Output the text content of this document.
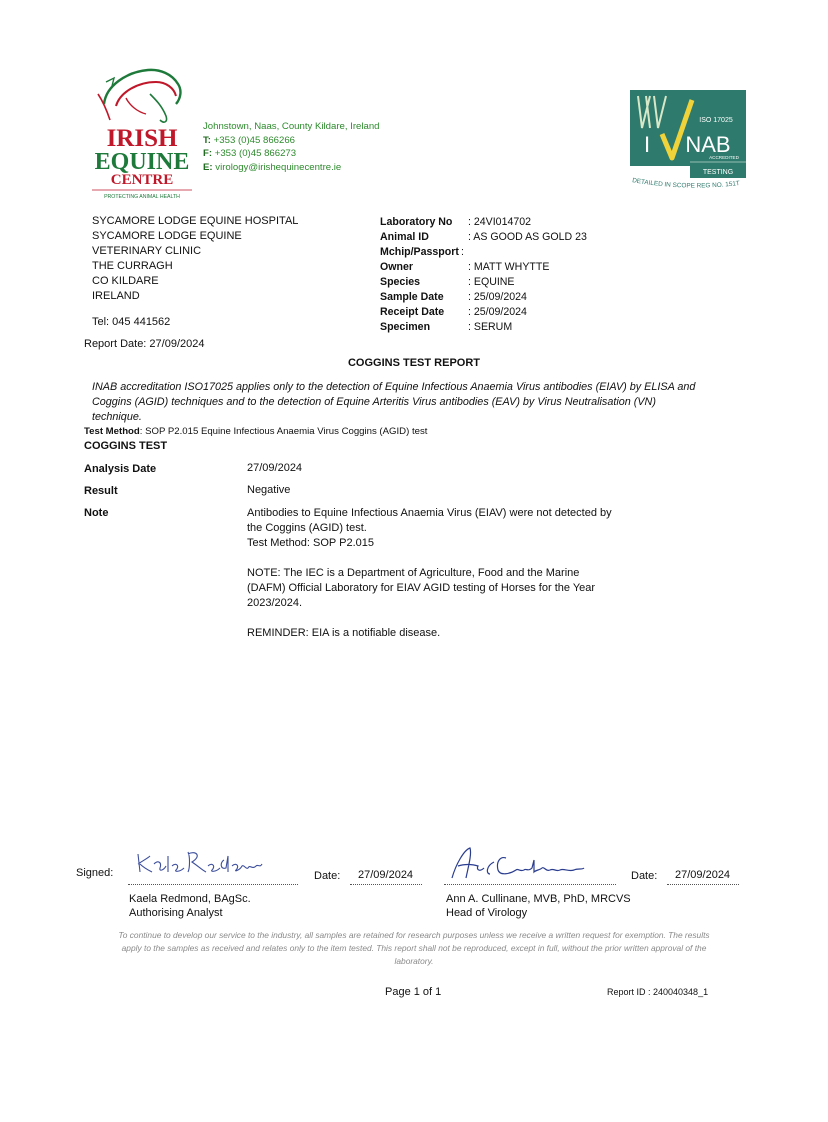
IRISH
EQUINE
CENTRE
PROTECTING ANIMAL HEALTH
Johnstown, Naas, County Kildare, Ireland
T: +353 (0)45 866266
F: +353 (0)45 866273
E: virology@irishequinecentre.ie
ISO 17025
I NAB
ACCREDITED
TESTING
DETAILED IN SCOPE REG NO. 151T
SYCAMORE LODGE EQUINE HOSPITAL
SYCAMORE LODGE EQUINE
VETERINARY CLINIC
THE CURRAGH
CO KILDARE
IRELAND
Tel: 045 441562
Laboratory No : 24VI014702
Animal ID	: AS GOOD AS GOLD 23
Mchip/Passport :
Owner	: MATT WHYTTE
Species	: EQUINE
Sample Date : 25/09/2024
Receipt Date : 25/09/2024
Specimen	: SERUM
Report Date: 27/09/2024
COGGINS TEST REPORT
INAB accreditation ISO17025 applies only to the detection of Equine Infectious Anaemia Virus antibodies (EIAV) by ELISA and Coggins (AGID) techniques and to the detection of Equine Arteritis Virus antibodies (EAV) by Virus Neutralisation (VN) technique.
Test Method: SOP P2.015 Equine Infectious Anaemia Virus Coggins (AGID) test
COGGINS TEST
Analysis Date	27/09/2024
Result	Negative
Note	Antibodies to Equine Infectious Anaemia Virus (EIAV) were not detected by the Coggins (AGID) test.

Test Method: SOP P2.015

NOTE: The IEC is a Department of Agriculture, Food and the Marine (DAFM) Official Laboratory for EIAV AGID testing of Horses for the Year 2023/2024.

REMINDER: EIA is a notifiable disease.

Signed:	Date: 27/09/2024	Date: 27/09/2024
Kaela Redmond, BAgSc.
Authorising Analyst
Ann A. Cullinane, MVB, PhD, MRCVS
Head of Virology
To continue to develop our service to the industry, all samples are retained for research purposes unless we receive a written request for exemption. The results apply to the samples as received and relates only to the item tested. This report shall not be reproduced, except in full, without the prior written approval of the laboratory.
Page 1 of 1	Report ID : 240040348_1
